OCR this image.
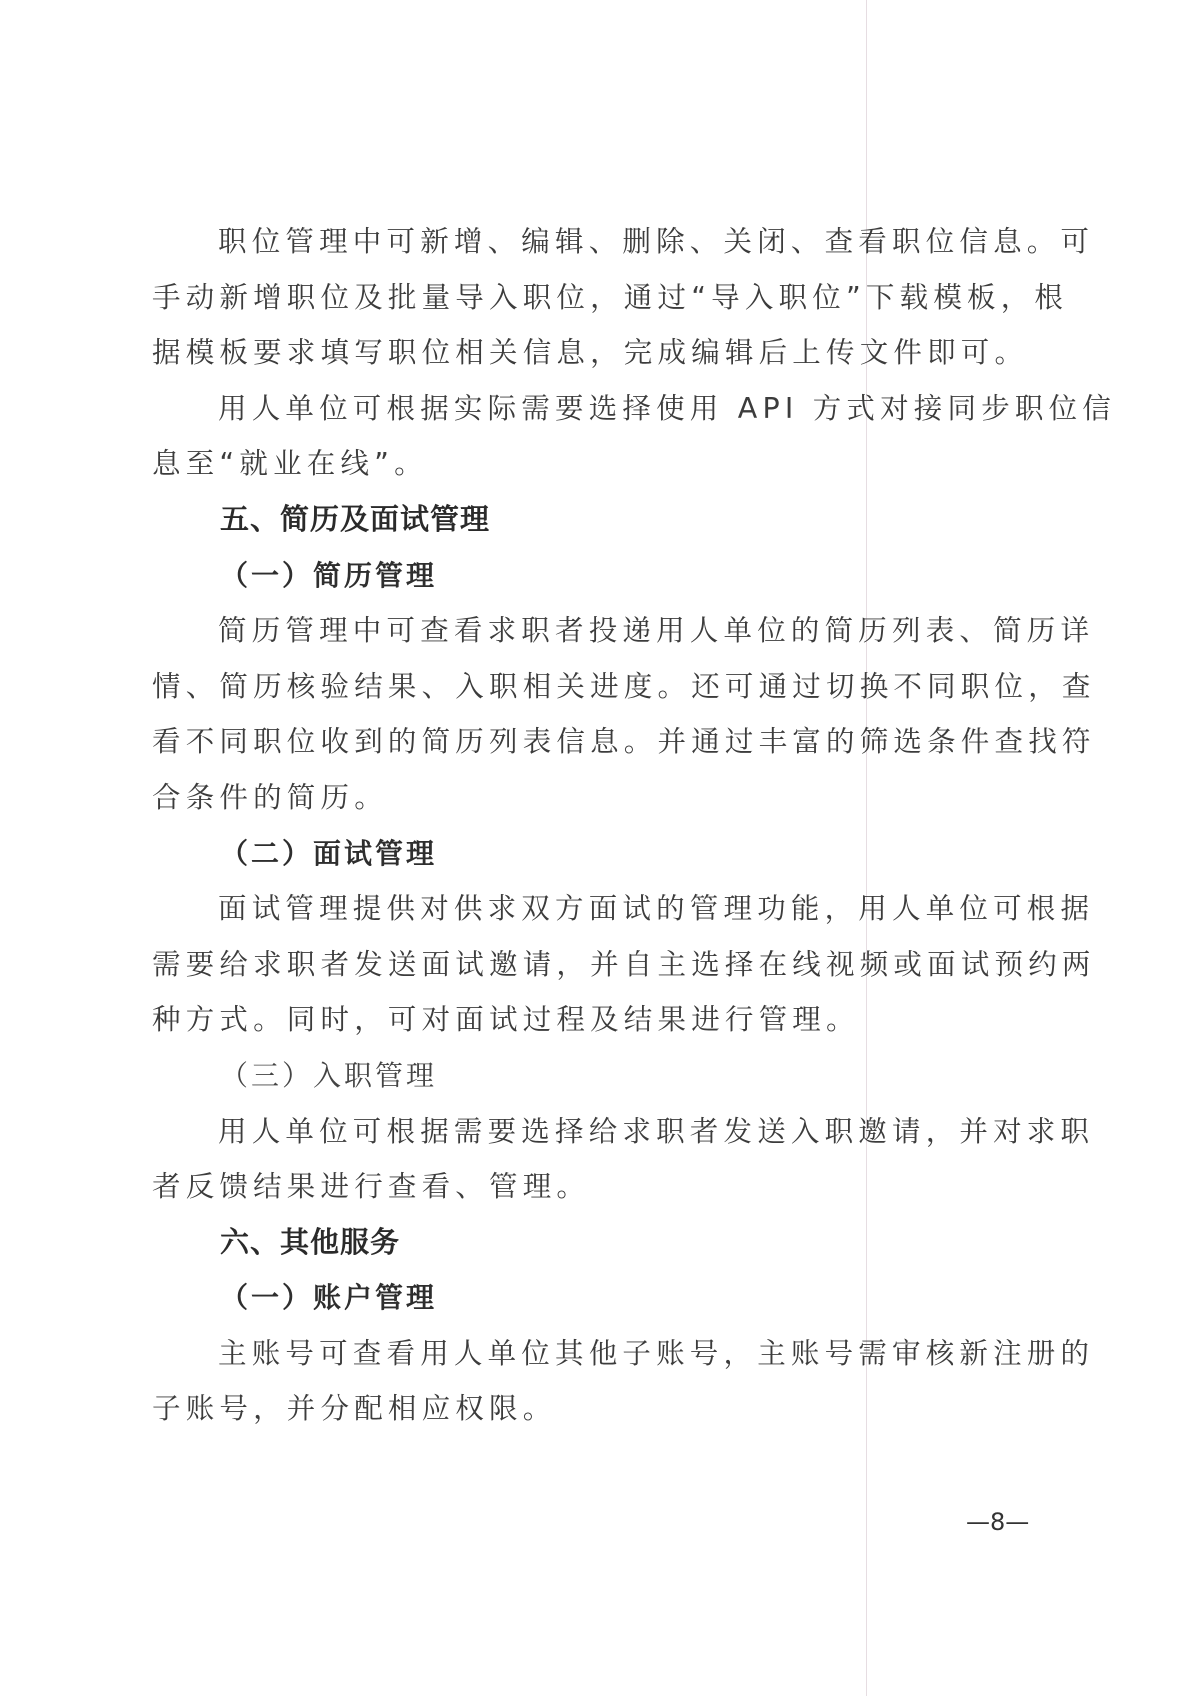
职位管理中可新增、编辑、删除、关闭、查看职位信息。可
手动新增职位及批量导入职位，通过“导入职位”下载模板，根
据模板要求填写职位相关信息，完成编辑后上传文件即可。
用人单位可根据实际需要选择使用 API 方式对接同步职位信
息至“就业在线”。
五、简历及面试管理
（一）简历管理
简历管理中可查看求职者投递用人单位的简历列表、简历详
情、简历核验结果、入职相关进度。还可通过切换不同职位，查
看不同职位收到的简历列表信息。并通过丰富的筛选条件查找符
合条件的简历。
（二）面试管理
面试管理提供对供求双方面试的管理功能，用人单位可根据
需要给求职者发送面试邀请，并自主选择在线视频或面试预约两
种方式。同时，可对面试过程及结果进行管理。
（三）入职管理
用人单位可根据需要选择给求职者发送入职邀请，并对求职
者反馈结果进行查看、管理。
六、其他服务
（一）账户管理
主账号可查看用人单位其他子账号，主账号需审核新注册的
子账号，并分配相应权限。
—8—
